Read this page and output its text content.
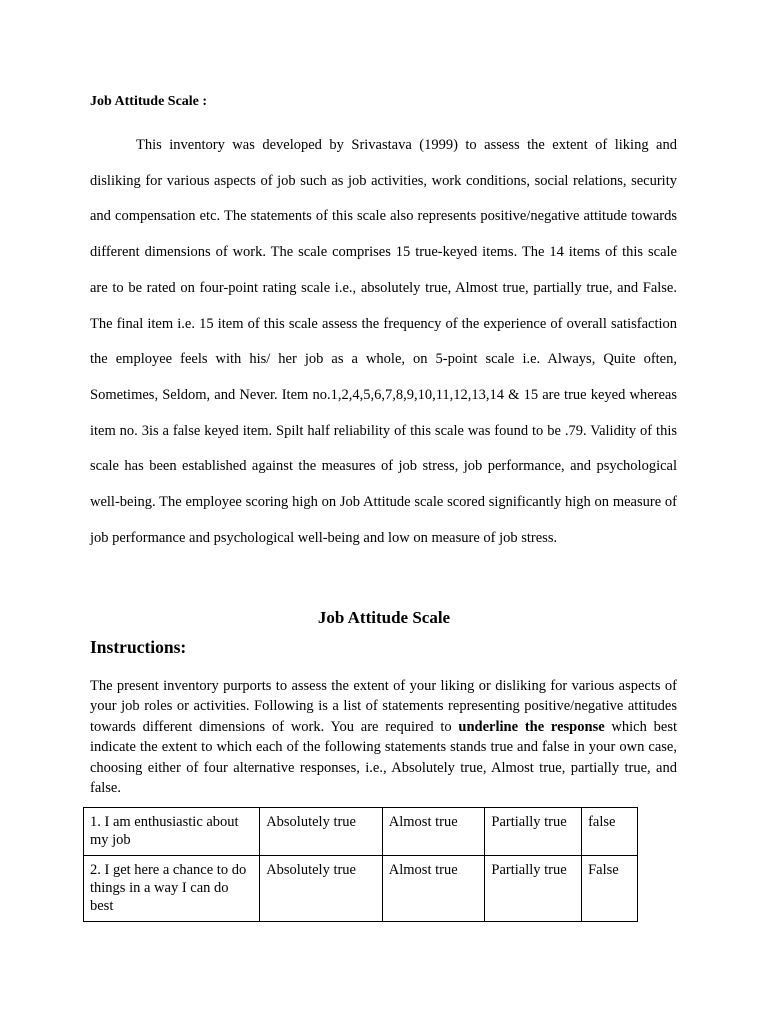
Job Attitude Scale :

This inventory was developed by Srivastava (1999) to assess the extent of liking and disliking for various aspects of job such as job activities, work conditions, social relations, security and compensation etc. The statements of this scale also represents positive/negative attitude towards different dimensions of work. The scale comprises 15 true-keyed items. The 14 items of this scale are to be rated on four-point rating scale i.e., absolutely true, Almost true, partially true, and False. The final item i.e. 15 item of this scale assess the frequency of the experience of overall satisfaction the employee feels with his/ her job as a whole, on 5-point scale i.e. Always, Quite often, Sometimes, Seldom, and Never. Item no.1,2,4,5,6,7,8,9,10,11,12,13,14 & 15 are true keyed whereas item no. 3is a false keyed item. Spilt half reliability of this scale was found to be .79. Validity of this scale has been established against the measures of job stress, job performance, and psychological well-being. The employee scoring high on Job Attitude scale scored significantly high on measure of job performance and psychological well-being and low on measure of job stress.

Job Attitude Scale

Instructions:

The present inventory purports to assess the extent of your liking or disliking for various aspects of your job roles or activities. Following is a list of statements representing positive/negative attitudes towards different dimensions of work. You are required to underline the response which best indicate the extent to which each of the following statements stands true and false in your own case, choosing either of four alternative responses, i.e., Absolutely true, Almost true, partially true, and false.

1. I am enthusiastic about my job	Absolutely true	Almost true	Partially true	false
2. I get here a chance to do things in a way I can do best	Absolutely true	Almost true	Partially true	False
